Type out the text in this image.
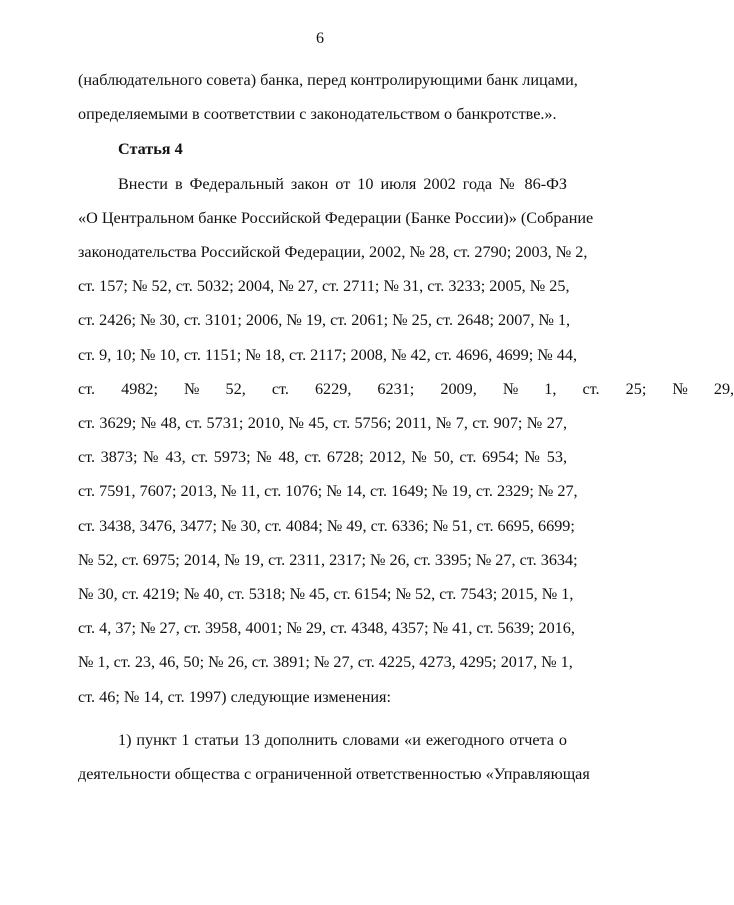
6
(наблюдательного совета) банка, перед контролирующими банк лицами,
определяемыми в соответствии с законодательством о банкротстве.».
Статья 4
Внести в Федеральный закон от 10 июля 2002 года № 86-ФЗ
«О Центральном банке Российской Федерации (Банке России)» (Собрание
законодательства Российской Федерации, 2002, № 28, ст. 2790; 2003, № 2,
ст. 157; № 52, ст. 5032; 2004, № 27, ст. 2711; № 31, ст. 3233; 2005, № 25,
ст. 2426; № 30, ст. 3101; 2006, № 19, ст. 2061; № 25, ст. 2648; 2007, № 1,
ст. 9, 10; № 10, ст. 1151; № 18, ст. 2117; 2008, № 42, ст. 4696, 4699; № 44,
ст. 4982; № 52, ст. 6229, 6231; 2009, № 1, ст. 25; № 29,
ст. 3629; № 48, ст. 5731; 2010, № 45, ст. 5756; 2011, № 7, ст. 907; № 27,
ст. 3873; № 43, ст. 5973; № 48, ст. 6728; 2012, № 50, ст. 6954; № 53,
ст. 7591, 7607; 2013, № 11, ст. 1076; № 14, ст. 1649; № 19, ст. 2329; № 27,
ст. 3438, 3476, 3477; № 30, ст. 4084; № 49, ст. 6336; № 51, ст. 6695, 6699;
№ 52, ст. 6975; 2014, № 19, ст. 2311, 2317; № 26, ст. 3395; № 27, ст. 3634;
№ 30, ст. 4219; № 40, ст. 5318; № 45, ст. 6154; № 52, ст. 7543; 2015, № 1,
ст. 4, 37; № 27, ст. 3958, 4001; № 29, ст. 4348, 4357; № 41, ст. 5639; 2016,
№ 1, ст. 23, 46, 50; № 26, ст. 3891; № 27, ст. 4225, 4273, 4295; 2017, № 1,
ст. 46; № 14, ст. 1997) следующие изменения:
1) пункт 1 статьи 13 дополнить словами «и ежегодного отчета о
деятельности общества с ограниченной ответственностью «Управляющая
